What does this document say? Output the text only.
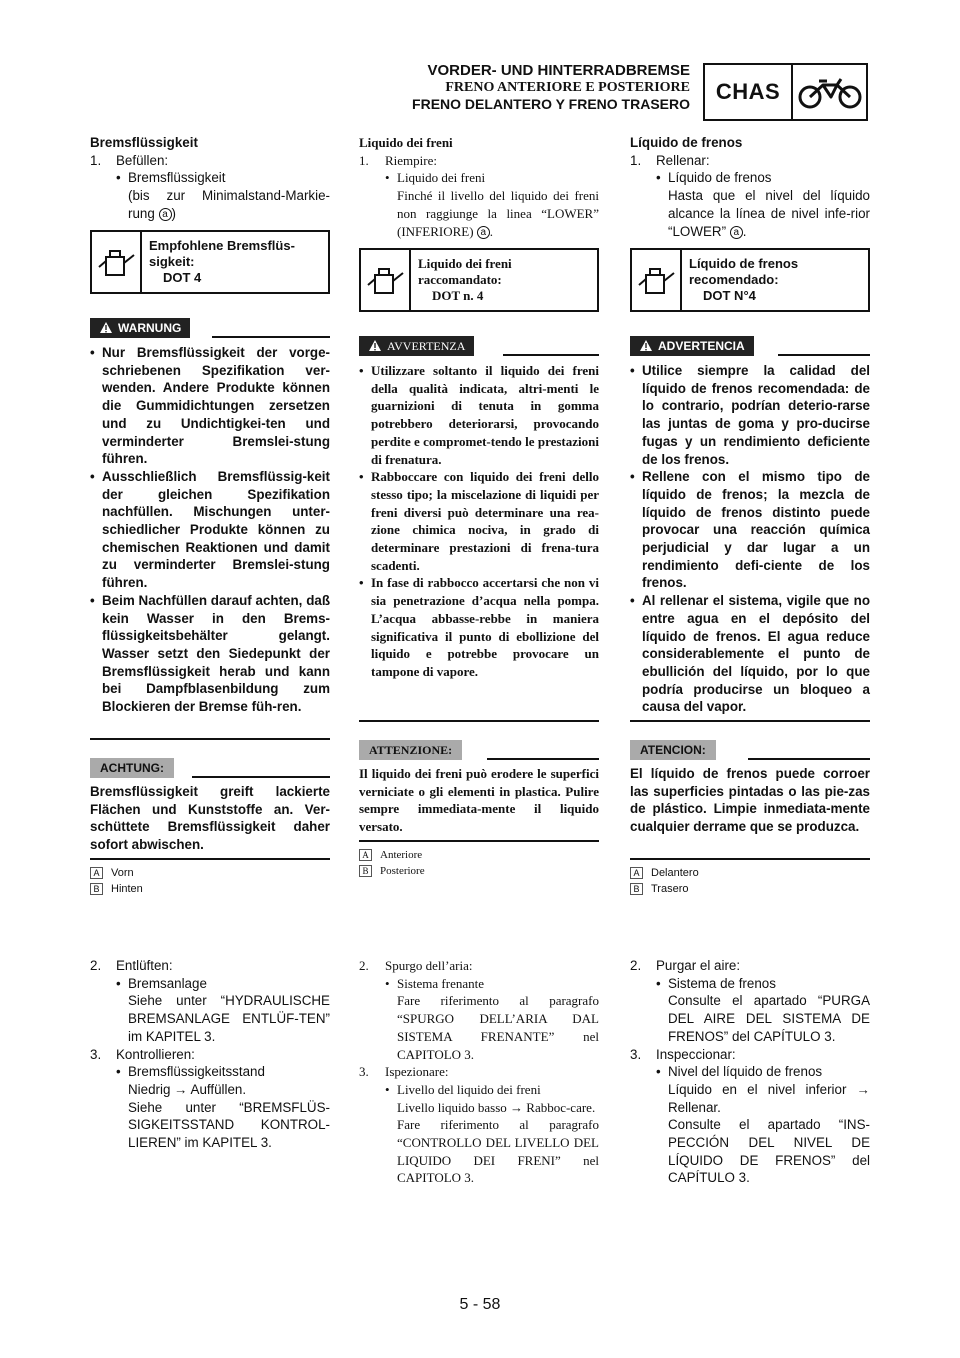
VORDER- UND HINTERRADBREMSE
FRENO ANTERIORE E POSTERIORE
FRENO DELANTERO Y FRENO TRASERO	CHAS
Bremsflüssigkeit
1.	Befüllen:
• Bremsflüssigkeit
(bis zur Minimalstand-Markie-rung a )
Empfohlene Bremsflüs-
sigkeit:
DOT 4
WARNUNG
• Nur Bremsflüssigkeit der vorge-schriebenen Spezifikation ver-wenden. Andere Produkte können die Gummidichtungen zersetzen und zu Undichtigkei-ten und verminderter Bremslei-stung führen.
• Ausschließlich Bremsflüssig-keit der gleichen Spezifikation nachfüllen. Mischungen unter-schiedlicher Produkte können zu chemischen Reaktionen und damit zu verminderter Bremslei-stung führen.
• Beim Nachfüllen darauf achten, daß kein Wasser in den Brems-flüssigkeitsbehälter gelangt. Wasser setzt den Siedepunkt der Bremsflüssigkeit herab und kann bei Dampfblasenbildung zum Blockieren der Bremse füh-ren.
ACHTUNG:
Bremsflüssigkeit greift lackierte Flächen und Kunststoffe an. Ver-schüttete Bremsflüssigkeit daher sofort abwischen.
A	Vorn
B	Hinten
2.	Entlüften:
• Bremsanlage
Siehe unter “HYDRAULISCHE BREMSANLAGE ENTLÜF-TEN” im KAPITEL 3.
3.	Kontrollieren:
• Bremsflüssigkeitsstand
Niedrig → Auffüllen.
Siehe unter “BREMSFLÜS-SIGKEITSSTAND KONTROL-LIEREN” im KAPITEL 3.
Liquido dei freni
1.	Riempire:
• Liquido dei freni
Finché il livello del liquido dei freni non raggiunge la linea “LOWER” (INFERIORE) a .
Liquido dei freni
raccomandato:
DOT n. 4
AVVERTENZA
• Utilizzare soltanto il liquido dei freni della qualità indicata, altri-menti le guarnizioni di tenuta in gomma potrebbero deteriorarsi, provocando perdite e compromet-tendo le prestazioni di frenatura.
• Rabboccare con liquido dei freni dello stesso tipo; la miscelazione di liquidi per freni diversi può determinare una rea-zione chimica nociva, in grado di determinare prestazioni di frena-tura scadenti.
• In fase di rabbocco accertarsi che non vi sia penetrazione d’acqua nella pompa. L’acqua abbasse-rebbe in maniera significativa il punto di ebollizione del liquido e potrebbe provocare un tampone di vapore.
ATTENZIONE:
Il liquido dei freni può erodere le superfici verniciate o gli elementi in plastica. Pulire sempre immediata-mente il liquido versato.
A Anteriore
B	Posteriore
2.	Spurgo dell’aria:
• Sistema frenante
Fare riferimento al paragrafo “SPURGO DELL’ARIA DAL SISTEMA FRENANTE” nel CAPITOLO 3.
3.	Ispezionare:
• Livello del liquido dei freni
Livello liquido basso → Rabboc-care.
Fare riferimento al paragrafo “CONTROLLO DEL LIVELLO DEL LIQUIDO DEI FRENI” nel CAPITOLO 3.
Líquido de frenos
1.	Rellenar:
• Líquido de frenos
Hasta que el nivel del líquido alcance la línea de nivel infe-rior “LOWER” a .
Líquido de frenos
recomendado:
DOT N°4
ADVERTENCIA
• Utilice siempre la calidad del líquido de frenos recomendada: de lo contrario, podrían deterio-rarse las juntas de goma y pro-ducirse fugas y un rendimiento deficiente de los frenos.
• Rellene con el mismo tipo de líquido de frenos; la mezcla de líquido de frenos distinto puede provocar una reacción química perjudicial y dar lugar a un rendimiento defi-ciente de los frenos.
• Al rellenar el sistema, vigile que no entre agua en el depósito del líquido de frenos. El agua reduce considerablemente el punto de ebullición del líquido, por lo que podría producirse un bloqueo a causa del vapor.
ATENCION:
El líquido de frenos puede corroer las superficies pintadas o las pie-zas de plástico. Limpie inmediata-mente cualquier derrame que se produzca.
A	Delantero
B	Trasero
2.	Purgar el aire:
• Sistema de frenos
Consulte el apartado “PURGA DEL AIRE DEL SISTEMA DE FRENOS” del CAPÍTULO 3.
3.	Inspeccionar:
• Nivel del líquido de frenos
Líquido en el nivel inferior → Rellenar.
Consulte el apartado “INS-PECCIÓN DEL NIVEL DE LÍQUIDO DE FRENOS” del CAPÍTULO 3.
5 - 58
